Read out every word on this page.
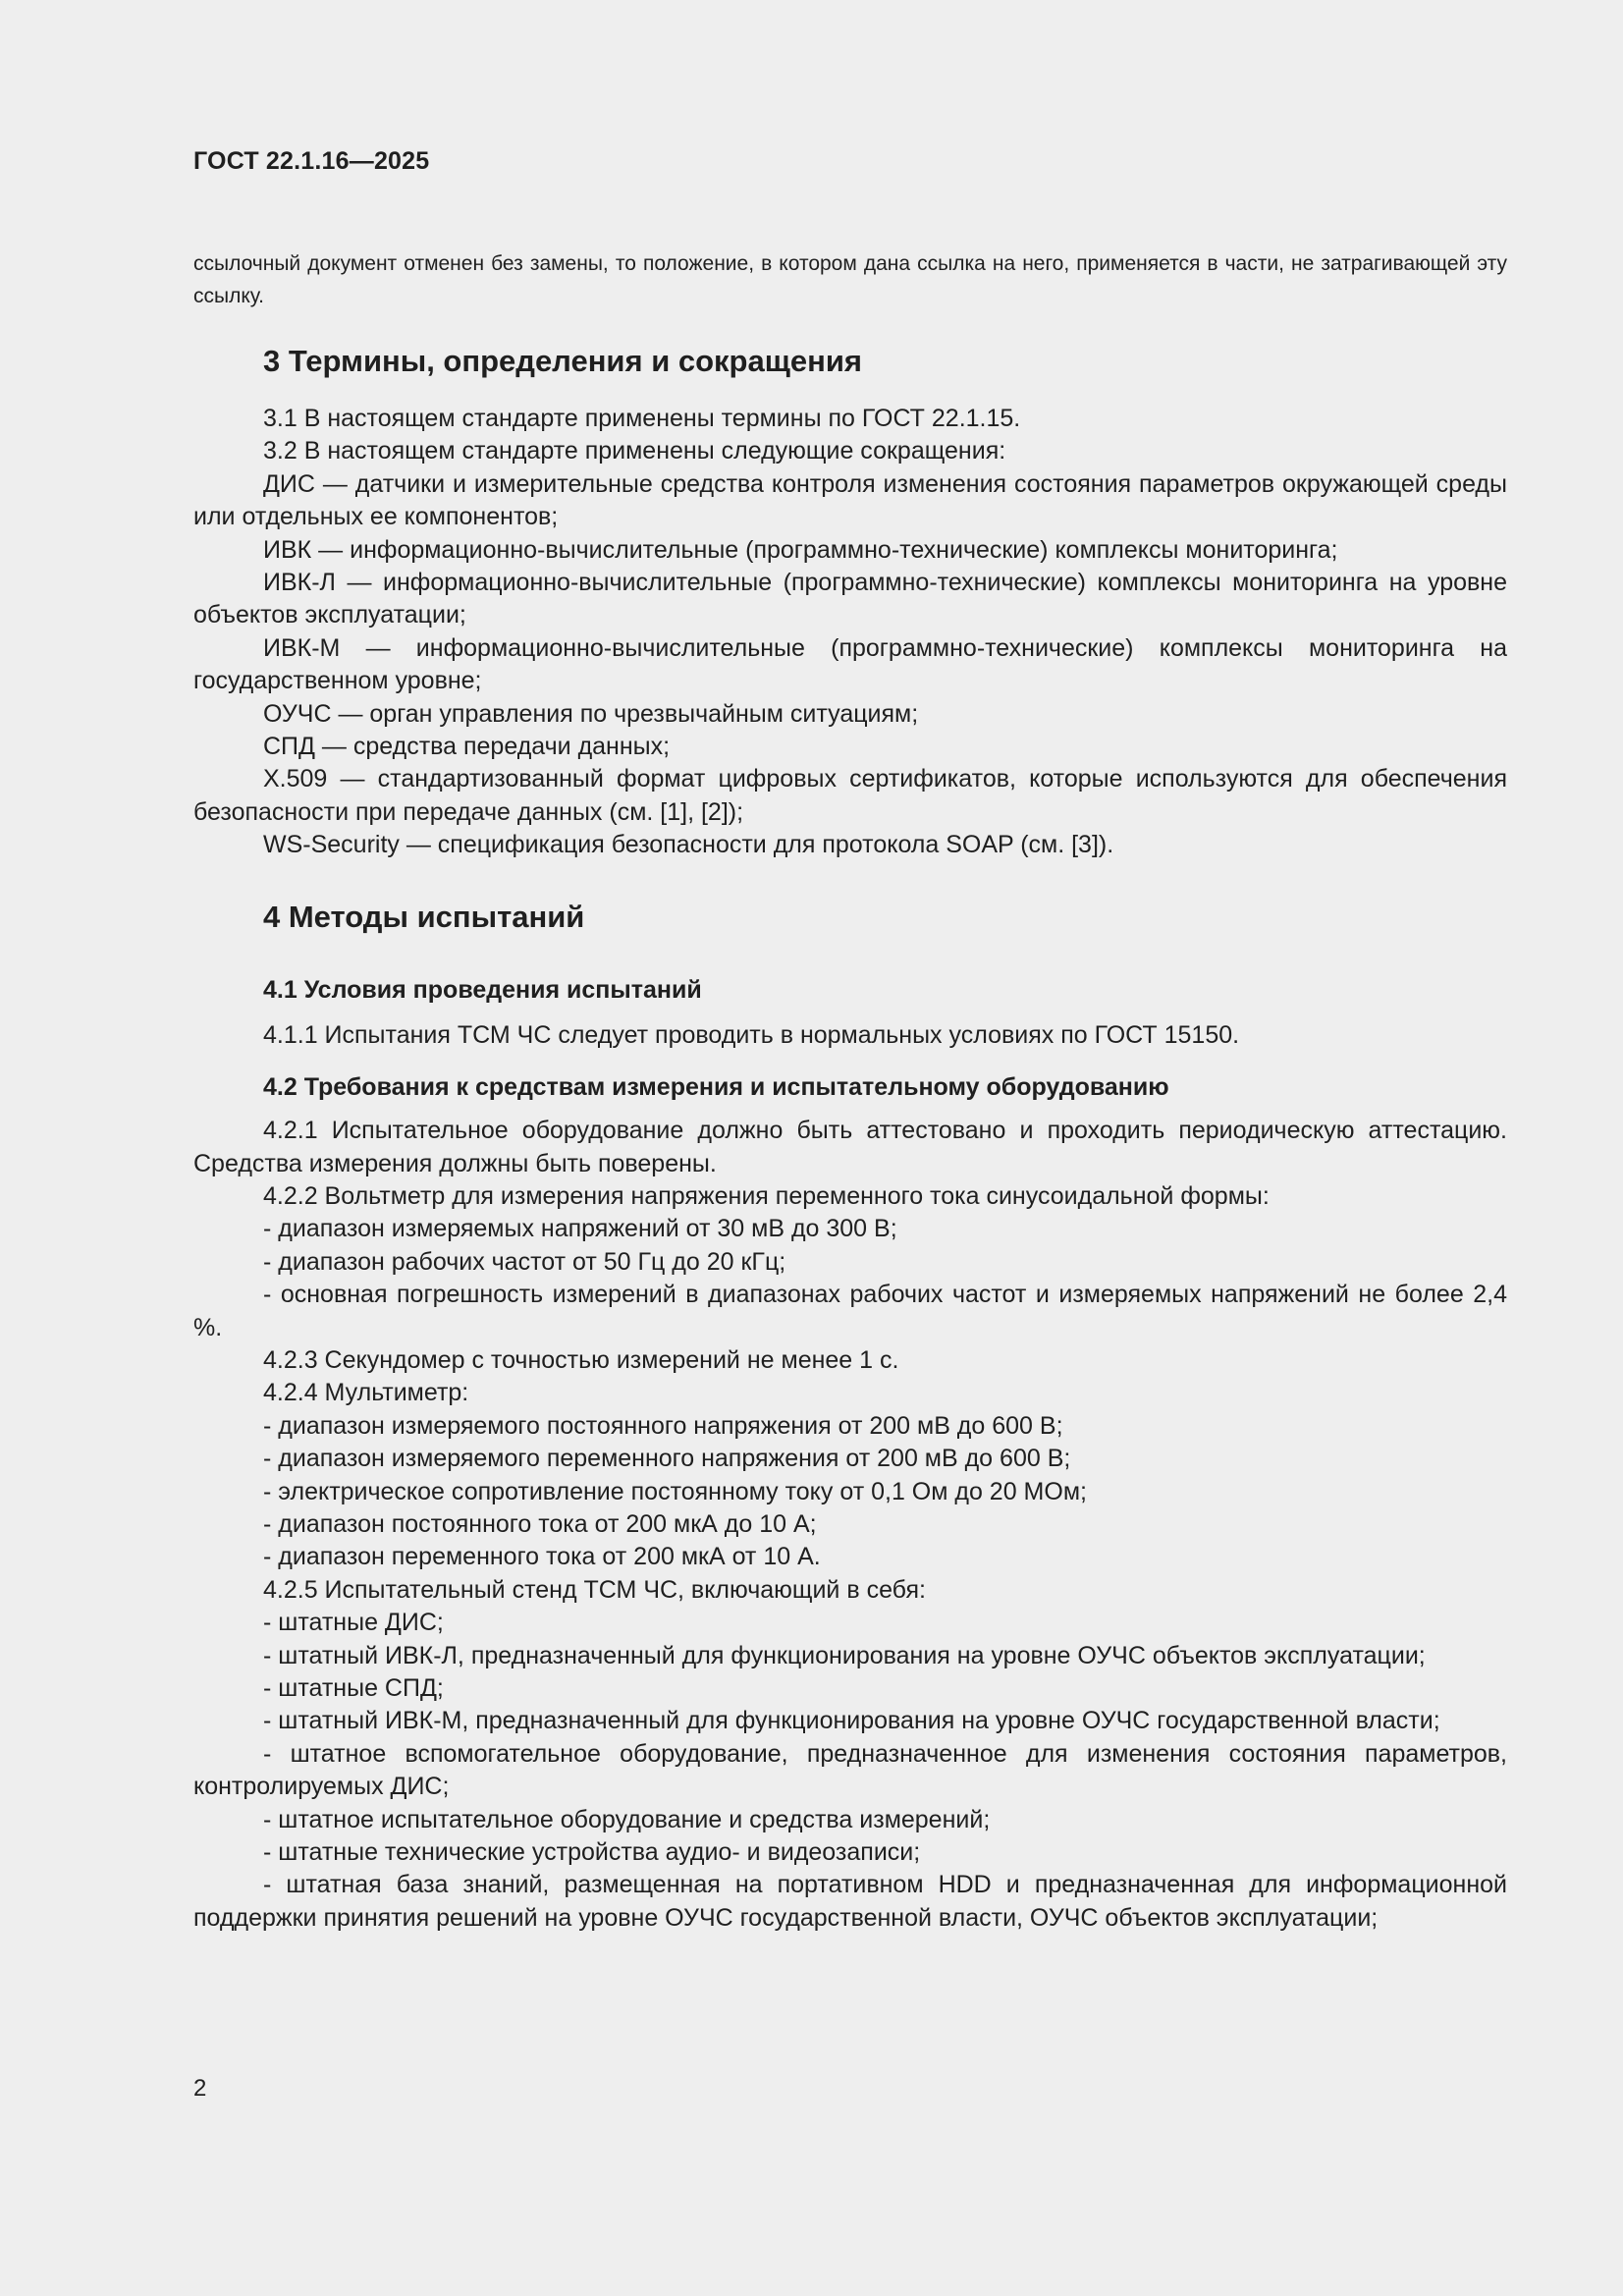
ГОСТ 22.1.16—2025

ссылочный документ отменен без замены, то положение, в котором дана ссылка на него, применяется в части, не затрагивающей эту ссылку.

3 Термины, определения и сокращения

3.1 В настоящем стандарте применены термины по ГОСТ 22.1.15.

3.2 В настоящем стандарте применены следующие сокращения:

ДИС — датчики и измерительные средства контроля изменения состояния параметров окружающей среды или отдельных ее компонентов;

ИВК — информационно-вычислительные (программно-технические) комплексы мониторинга;

ИВК-Л — информационно-вычислительные (программно-технические) комплексы мониторинга на уровне объектов эксплуатации;

ИВК-М — информационно-вычислительные (программно-технические) комплексы мониторинга на государственном уровне;

ОУЧС — орган управления по чрезвычайным ситуациям;

СПД — средства передачи данных;

X.509 — стандартизованный формат цифровых сертификатов, которые используются для обеспечения безопасности при передаче данных (см. [1], [2]);

WS-Security — спецификация безопасности для протокола SOAP (см. [3]).

4 Методы испытаний
4.1 Условия проведения испытаний

4.1.1 Испытания ТСМ ЧС следует проводить в нормальных условиях по ГОСТ 15150.

4.2 Требования к средствам измерения и испытательному оборудованию

4.2.1 Испытательное оборудование должно быть аттестовано и проходить периодическую аттестацию. Средства измерения должны быть поверены.

4.2.2 Вольтметр для измерения напряжения переменного тока синусоидальной формы:

- диапазон измеряемых напряжений от 30 мВ до 300 В;

- диапазон рабочих частот от 50 Гц до 20 кГц;

- основная погрешность измерений в диапазонах рабочих частот и измеряемых напряжений не более 2,4 %.

4.2.3 Секундомер с точностью измерений не менее 1 с.

4.2.4 Мультиметр:

- диапазон измеряемого постоянного напряжения от 200 мВ до 600 В;

- диапазон измеряемого переменного напряжения от 200 мВ до 600 В;

- электрическое сопротивление постоянному току от 0,1 Ом до 20 МОм;

- диапазон постоянного тока от 200 мкА до 10 А;

- диапазон переменного тока от 200 мкА от 10 А.

4.2.5 Испытательный стенд ТСМ ЧС, включающий в себя:

- штатные ДИС;

- штатный ИВК-Л, предназначенный для функционирования на уровне ОУЧС объектов эксплуатации;

- штатные СПД;

- штатный ИВК-М, предназначенный для функционирования на уровне ОУЧС государственной власти;

- штатное вспомогательное оборудование, предназначенное для изменения состояния параметров, контролируемых ДИС;

- штатное испытательное оборудование и средства измерений;

- штатные технические устройства аудио- и видеозаписи;

- штатная база знаний, размещенная на портативном HDD и предназначенная для информационной поддержки принятия решений на уровне ОУЧС государственной власти, ОУЧС объектов эксплуатации;

2
